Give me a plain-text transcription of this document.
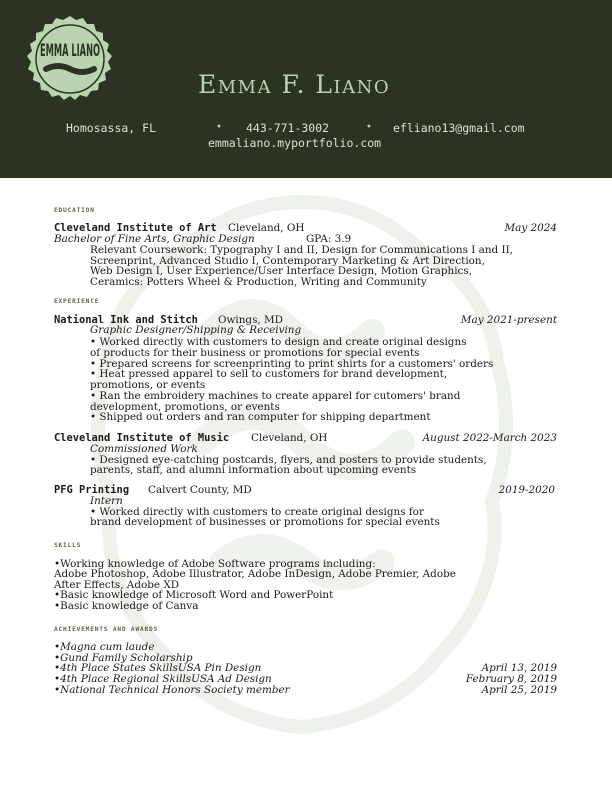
EMMA LIANO
Emma F. Liano
Homosassa, FL	• 443-771-3002	• efliano13@gmail.com
emmaliano.myportfolio.com
EDUCATION
Cleveland Institute of Art Cleveland, OH	May 2024
Bachelor of Fine Arts, Graphic Design	GPA: 3.9
Relevant Coursework: Typography I and II, Design for Communications I and II,
Screenprint, Advanced Studio I, Contemporary Marketing & Art Direction,
Web Design I, User Experience/User Interface Design, Motion Graphics,
Ceramics: Potters Wheel & Production, Writing and Community
EXPERIENCE
National Ink and Stitch Owings, MD	May 2021-present
Graphic Designer/Shipping & Receiving
• Worked directly with customers to design and create original designs
of products for their business or promotions for special events
• Prepared screens for screenprinting to print shirts for a customers' orders
• Heat pressed apparel to sell to customers for brand development,
promotions, or events
• Ran the embroidery machines to create apparel for cutomers' brand
development, promotions, or events
• Shipped out orders and ran computer for shipping department
Cleveland Institute of Music Cleveland, OH	August 2022-March 2023
Commissioned Work
• Designed eye-catching postcards, flyers, and posters to provide students,
parents, staff, and alumni information about upcoming events
PFG Printing Calvert County, MD	2019-2020
Intern
• Worked directly with customers to create original designs for
brand development of businesses or promotions for special events
SKILLS
•Working knowledge of Adobe Software programs including:
Adobe Photoshop, Adobe Illustrator, Adobe InDesign, Adobe Premier, Adobe
After Effects, Adobe XD
•Basic knowledge of Microsoft Word and PowerPoint
•Basic knowledge of Canva
ACHIEVEMENTS AND AWARDS
•Magna cum laude
•Gund Family Scholarship
•4th Place States SkillsUSA Pin Design	April 13, 2019
•4th Place Regional SkillsUSA Ad Design	February 8, 2019
•National Technical Honors Society member	April 25, 2019
